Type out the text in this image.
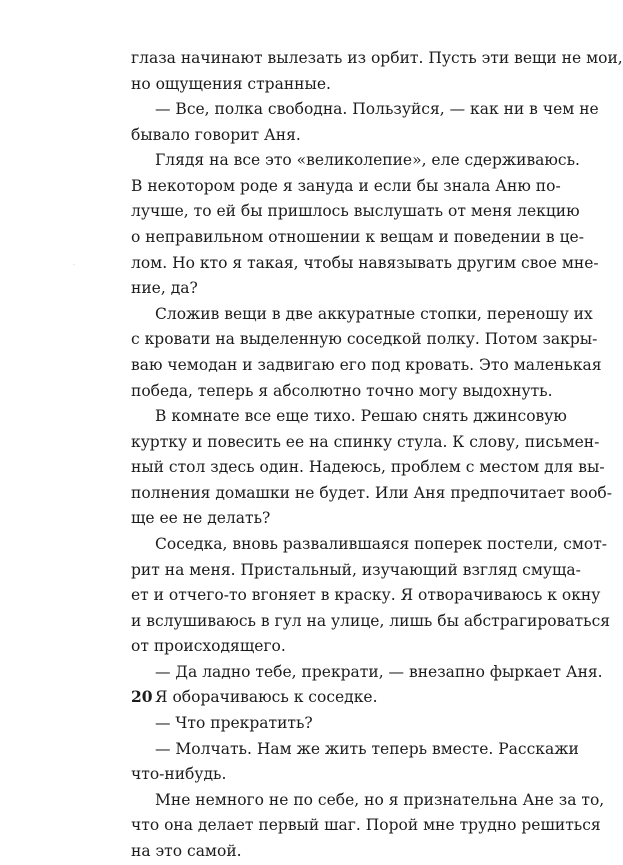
глаза начинают вылезать из орбит. Пусть эти вещи не мои,
но ощущения странные.
— Все, полка свободна. Пользуйся, — как ни в чем не
бывало говорит Аня.
Глядя на все это «великолепие», еле сдерживаюсь.
В некотором роде я зануда и если бы знала Аню по-
лучше, то ей бы пришлось выслушать от меня лекцию
о неправильном отношении к вещам и поведении в це-
лом. Но кто я такая, чтобы навязывать другим свое мне-
ние, да?
Сложив вещи в две аккуратные стопки, переношу их
с кровати на выделенную соседкой полку. Потом закры-
ваю чемодан и задвигаю его под кровать. Это маленькая
победа, теперь я абсолютно точно могу выдохнуть.
В комнате все еще тихо. Решаю снять джинсовую
куртку и повесить ее на спинку стула. К слову, письмен-
ный стол здесь один. Надеюсь, проблем с местом для вы-
полнения домашки не будет. Или Аня предпочитает вооб-
ще ее не делать?
Соседка, вновь развалившаяся поперек постели, смот-
рит на меня. Пристальный, изучающий взгляд смуща-
ет и отчего-то вгоняет в краску. Я отворачиваюсь к окну
и вслушиваюсь в гул на улице, лишь бы абстрагироваться
от происходящего.
— Да ладно тебе, прекрати, — внезапно фыркает Аня.
Я оборачиваюсь к соседке.
— Что прекратить?
— Молчать. Нам же жить теперь вместе. Расскажи
что-нибудь.
Мне немного не по себе, но я признательна Ане за то,
что она делает первый шаг. Порой мне трудно решиться
на это самой.
·
20
